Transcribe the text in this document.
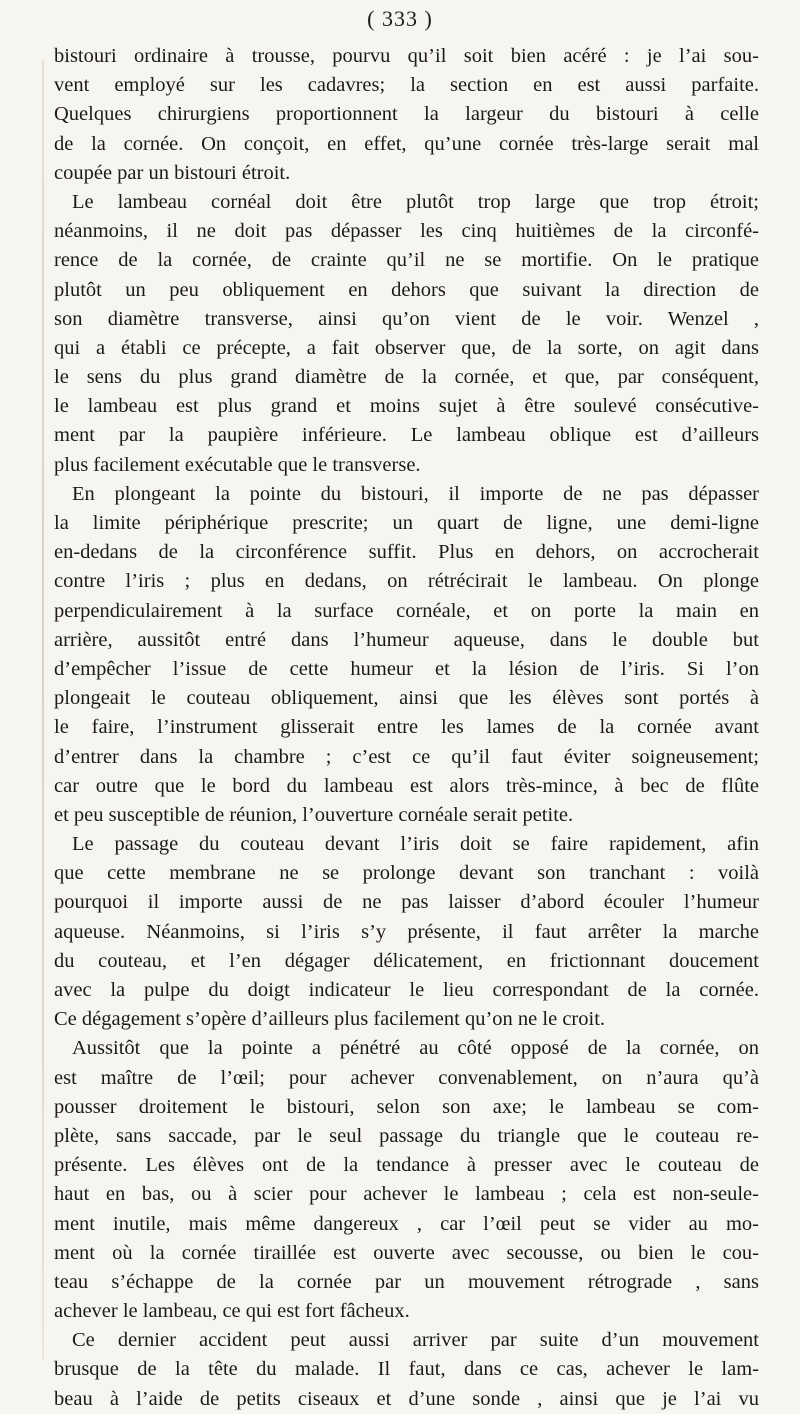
( 333 )
bistouri ordinaire à trousse, pourvu qu’il soit bien acéré : je l’ai sou-
vent employé sur les cadavres; la section en est aussi parfaite.
Quelques chirurgiens proportionnent la largeur du bistouri à celle
de la cornée. On conçoit, en effet, qu’une cornée très-large serait mal
coupée par un bistouri étroit.
Le lambeau cornéal doit être plutôt trop large que trop étroit;
néanmoins, il ne doit pas dépasser les cinq huitièmes de la circonfé-
rence de la cornée, de crainte qu’il ne se mortifie. On le pratique
plutôt un peu obliquement en dehors que suivant la direction de
son diamètre transverse, ainsi qu’on vient de le voir. Wenzel ,
qui a établi ce précepte, a fait observer que, de la sorte, on agit dans
le sens du plus grand diamètre de la cornée, et que, par conséquent,
le lambeau est plus grand et moins sujet à être soulevé consécutive-
ment par la paupière inférieure. Le lambeau oblique est d’ailleurs
plus facilement exécutable que le transverse.
En plongeant la pointe du bistouri, il importe de ne pas dépasser
la limite périphérique prescrite; un quart de ligne, une demi-ligne
en-dedans de la circonférence suffit. Plus en dehors, on accrocherait
contre l’iris ; plus en dedans, on rétrécirait le lambeau. On plonge
perpendiculairement à la surface cornéale, et on porte la main en
arrière, aussitôt entré dans l’humeur aqueuse, dans le double but
d’empêcher l’issue de cette humeur et la lésion de l’iris. Si l’on
plongeait le couteau obliquement, ainsi que les élèves sont portés à
le faire, l’instrument glisserait entre les lames de la cornée avant
d’entrer dans la chambre ; c’est ce qu’il faut éviter soigneusement;
car outre que le bord du lambeau est alors très-mince, à bec de flûte
et peu susceptible de réunion, l’ouverture cornéale serait petite.
Le passage du couteau devant l’iris doit se faire rapidement, afin
que cette membrane ne se prolonge devant son tranchant : voilà
pourquoi il importe aussi de ne pas laisser d’abord écouler l’humeur
aqueuse. Néanmoins, si l’iris s’y présente, il faut arrêter la marche
du couteau, et l’en dégager délicatement, en frictionnant doucement
avec la pulpe du doigt indicateur le lieu correspondant de la cornée.
Ce dégagement s’opère d’ailleurs plus facilement qu’on ne le croit.
Aussitôt que la pointe a pénétré au côté opposé de la cornée, on
est maître de l’œil; pour achever convenablement, on n’aura qu’à
pousser droitement le bistouri, selon son axe; le lambeau se com-
plète, sans saccade, par le seul passage du triangle que le couteau re-
présente. Les élèves ont de la tendance à presser avec le couteau de
haut en bas, ou à scier pour achever le lambeau ; cela est non-seule-
ment inutile, mais même dangereux , car l’œil peut se vider au mo-
ment où la cornée tiraillée est ouverte avec secousse, ou bien le cou-
teau s’échappe de la cornée par un mouvement rétrograde , sans
achever le lambeau, ce qui est fort fâcheux.
Ce dernier accident peut aussi arriver par suite d’un mouvement
brusque de la tête du malade. Il faut, dans ce cas, achever le lam-
beau à l’aide de petits ciseaux et d’une sonde , ainsi que je l’ai vu
